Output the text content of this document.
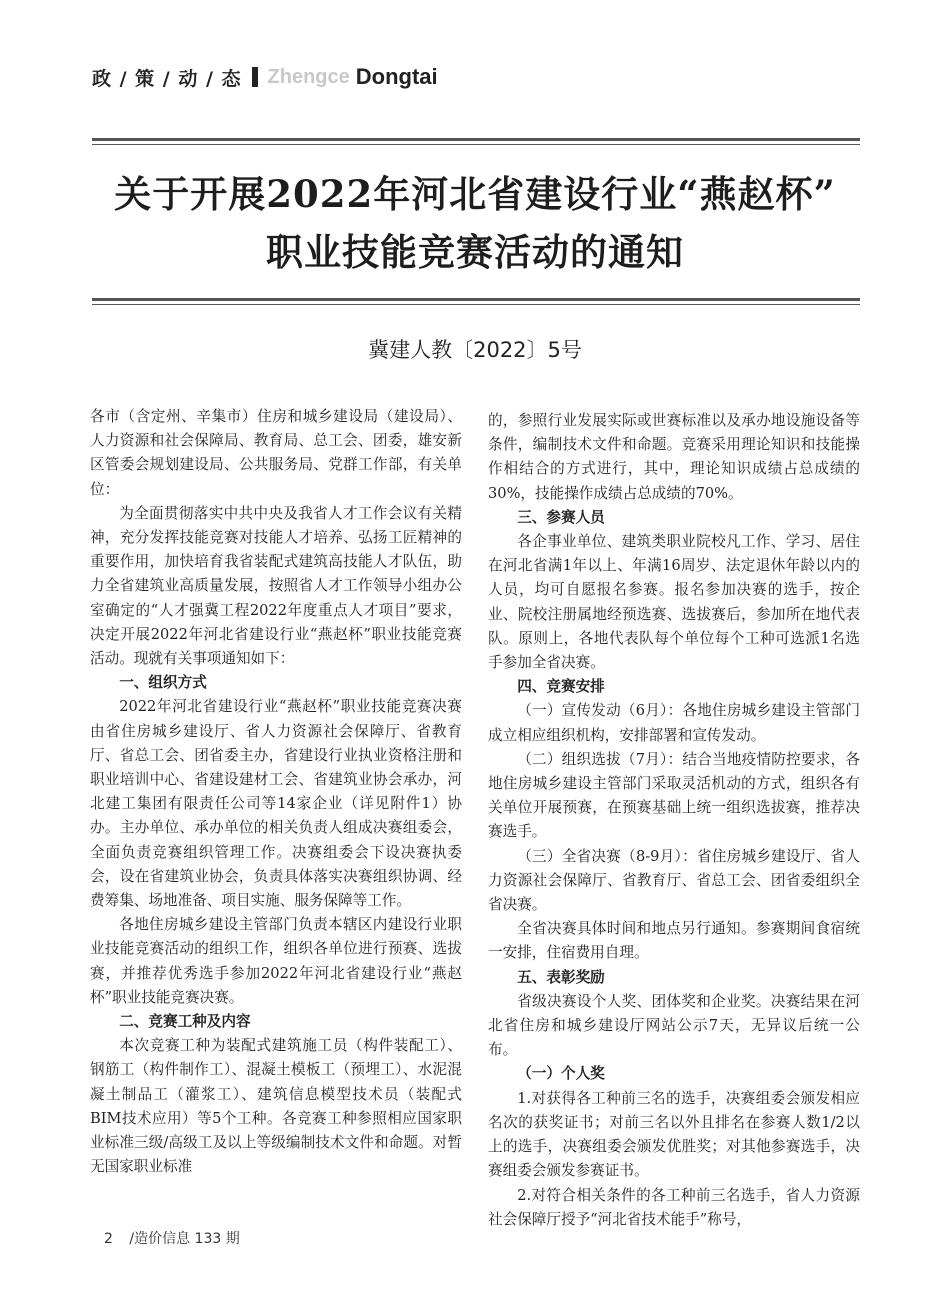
政 / 策 / 动 / 态 Zhengce Dongtai
关于开展2022年河北省建设行业“燕赵杯”
职业技能竞赛活动的通知
冀建人教〔2022〕5号

各市（含定州、辛集市）住房和城乡建设局（建设局）、人力资源和社会保障局、教育局、总工会、团委，雄安新区管委会规划建设局、公共服务局、党群工作部，有关单位：

为全面贯彻落实中共中央及我省人才工作会议有关精神，充分发挥技能竞赛对技能人才培养、弘扬工匠精神的重要作用，加快培育我省装配式建筑高技能人才队伍，助力全省建筑业高质量发展，按照省人才工作领导小组办公室确定的“人才强冀工程2022年度重点人才项目”要求，决定开展2022年河北省建设行业“燕赵杯”职业技能竞赛活动。现就有关事项通知如下：

一、组织方式

2022年河北省建设行业“燕赵杯”职业技能竞赛决赛由省住房城乡建设厅、省人力资源社会保障厅、省教育厅、省总工会、团省委主办，省建设行业执业资格注册和职业培训中心、省建设建材工会、省建筑业协会承办，河北建工集团有限责任公司等14家企业（详见附件1）协办。主办单位、承办单位的相关负责人组成决赛组委会，全面负责竞赛组织管理工作。决赛组委会下设决赛执委会，设在省建筑业协会，负责具体落实决赛组织协调、经费筹集、场地准备、项目实施、服务保障等工作。

各地住房城乡建设主管部门负责本辖区内建设行业职业技能竞赛活动的组织工作，组织各单位进行预赛、选拔赛，并推荐优秀选手参加2022年河北省建设行业“燕赵杯”职业技能竞赛决赛。

二、竞赛工种及内容

本次竞赛工种为装配式建筑施工员（构件装配工）、钢筋工（构件制作工）、混凝土模板工（预埋工）、水泥混凝土制品工（灌浆工）、建筑信息模型技术员（装配式BIM技术应用）等5个工种。各竞赛工种参照相应国家职业标准三级/高级工及以上等级编制技术文件和命题。对暂无国家职业标准

的，参照行业发展实际或世赛标准以及承办地设施设备等条件，编制技术文件和命题。竞赛采用理论知识和技能操作相结合的方式进行，其中，理论知识成绩占总成绩的30%，技能操作成绩占总成绩的70%。

三、参赛人员

各企事业单位、建筑类职业院校凡工作、学习、居住在河北省满1年以上、年满16周岁、法定退休年龄以内的人员，均可自愿报名参赛。报名参加决赛的选手，按企业、院校注册属地经预选赛、选拔赛后，参加所在地代表队。原则上，各地代表队每个单位每个工种可选派1名选手参加全省决赛。

四、竞赛安排

（一）宣传发动（6月）：各地住房城乡建设主管部门成立相应组织机构，安排部署和宣传发动。

（二）组织选拔（7月）：结合当地疫情防控要求，各地住房城乡建设主管部门采取灵活机动的方式，组织各有关单位开展预赛，在预赛基础上统一组织选拔赛，推荐决赛选手。

（三）全省决赛（8-9月）：省住房城乡建设厅、省人力资源社会保障厅、省教育厅、省总工会、团省委组织全省决赛。

全省决赛具体时间和地点另行通知。参赛期间食宿统一安排，住宿费用自理。

五、表彰奖励

省级决赛设个人奖、团体奖和企业奖。决赛结果在河北省住房和城乡建设厅网站公示7天，无异议后统一公布。

（一）个人奖

1.对获得各工种前三名的选手，决赛组委会颁发相应名次的获奖证书；对前三名以外且排名在参赛人数1/2以上的选手，决赛组委会颁发优胜奖；对其他参赛选手，决赛组委会颁发参赛证书。

2.对符合相关条件的各工种前三名选手，省人力资源社会保障厅授予“河北省技术能手”称号，

2 /造价信息 133 期
